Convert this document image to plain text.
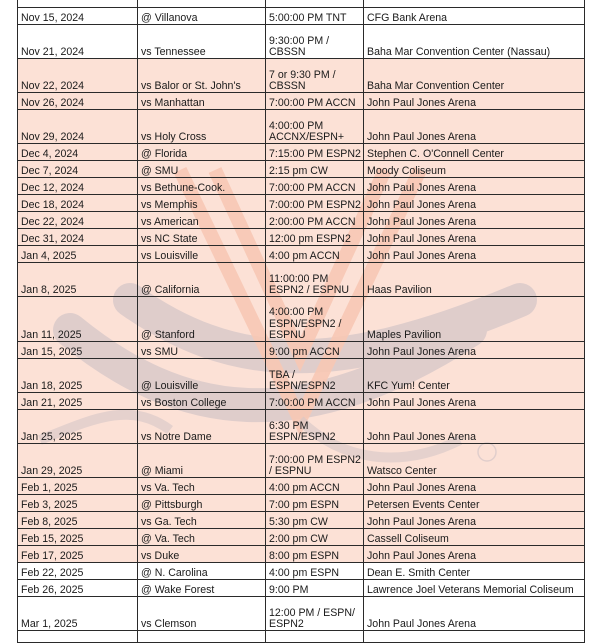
Nov 15, 2024	@ Villanova	5:00:00 PM TNT	CFG Bank Arena
Nov 21, 2024	vs Tennessee	9:30:00 PM / CBSSN	Baha Mar Convention Center (Nassau)
Nov 22, 2024	vs Balor or St. John's	7 or 9:30 PM / CBSSN	Baha Mar Convention Center
Nov 26, 2024	vs Manhattan	7:00:00 PM ACCN	John Paul Jones Arena
Nov 29, 2024	vs Holy Cross	4:00:00 PM ACCNX/ESPN+	John Paul Jones Arena
Dec 4, 2024	@ Florida	7:15:00 PM ESPN2	Stephen C. O'Connell Center
Dec 7, 2024	@ SMU	2:15 pm CW	Moody Coliseum
Dec 12, 2024	vs Bethune-Cook.	7:00:00 PM ACCN	John Paul Jones Arena
Dec 18, 2024	vs Memphis	7:00:00 PM ESPN2	John Paul Jones Arena
Dec 22, 2024	vs American	2:00:00 PM ACCN	John Paul Jones Arena
Dec 31, 2024	vs NC State	12:00 pm ESPN2	John Paul Jones Arena
Jan 4, 2025	vs Louisville	4:00 pm ACCN	John Paul Jones Arena
Jan 8, 2025	@ California	11:00:00 PM ESPN2 / ESPNU	Haas Pavilion
Jan 11, 2025	@ Stanford	4:00:00 PM ESPN/ESPN2 / ESPNU	Maples Pavilion
Jan 15, 2025	vs SMU	9:00 pm ACCN	John Paul Jones Arena
Jan 18, 2025	@ Louisville	TBA / ESPN/ESPN2	KFC Yum! Center
Jan 21, 2025	vs Boston College	7:00:00 PM ACCN	John Paul Jones Arena
Jan 25, 2025	vs Notre Dame	6:30 PM ESPN/ESPN2	John Paul Jones Arena
Jan 29, 2025	@ Miami	7:00:00 PM ESPN2 / ESPNU	Watsco Center
Feb 1, 2025	vs Va. Tech	4:00 pm ACCN	John Paul Jones Arena
Feb 3, 2025	@ Pittsburgh	7:00 pm ESPN	Petersen Events Center
Feb 8, 2025	vs Ga. Tech	5:30 pm CW	John Paul Jones Arena
Feb 15, 2025	@ Va. Tech	2:00 pm CW	Cassell Coliseum
Feb 17, 2025	vs Duke	8:00 pm ESPN	John Paul Jones Arena
Feb 22, 2025	@ N. Carolina	4:00 pm ESPN	Dean E. Smith Center
Feb 26, 2025	@ Wake Forest	9:00 PM	Lawrence Joel Veterans Memorial Coliseum
Mar 1, 2025	vs Clemson	12:00 PM / ESPN/ ESPN2	John Paul Jones Arena
